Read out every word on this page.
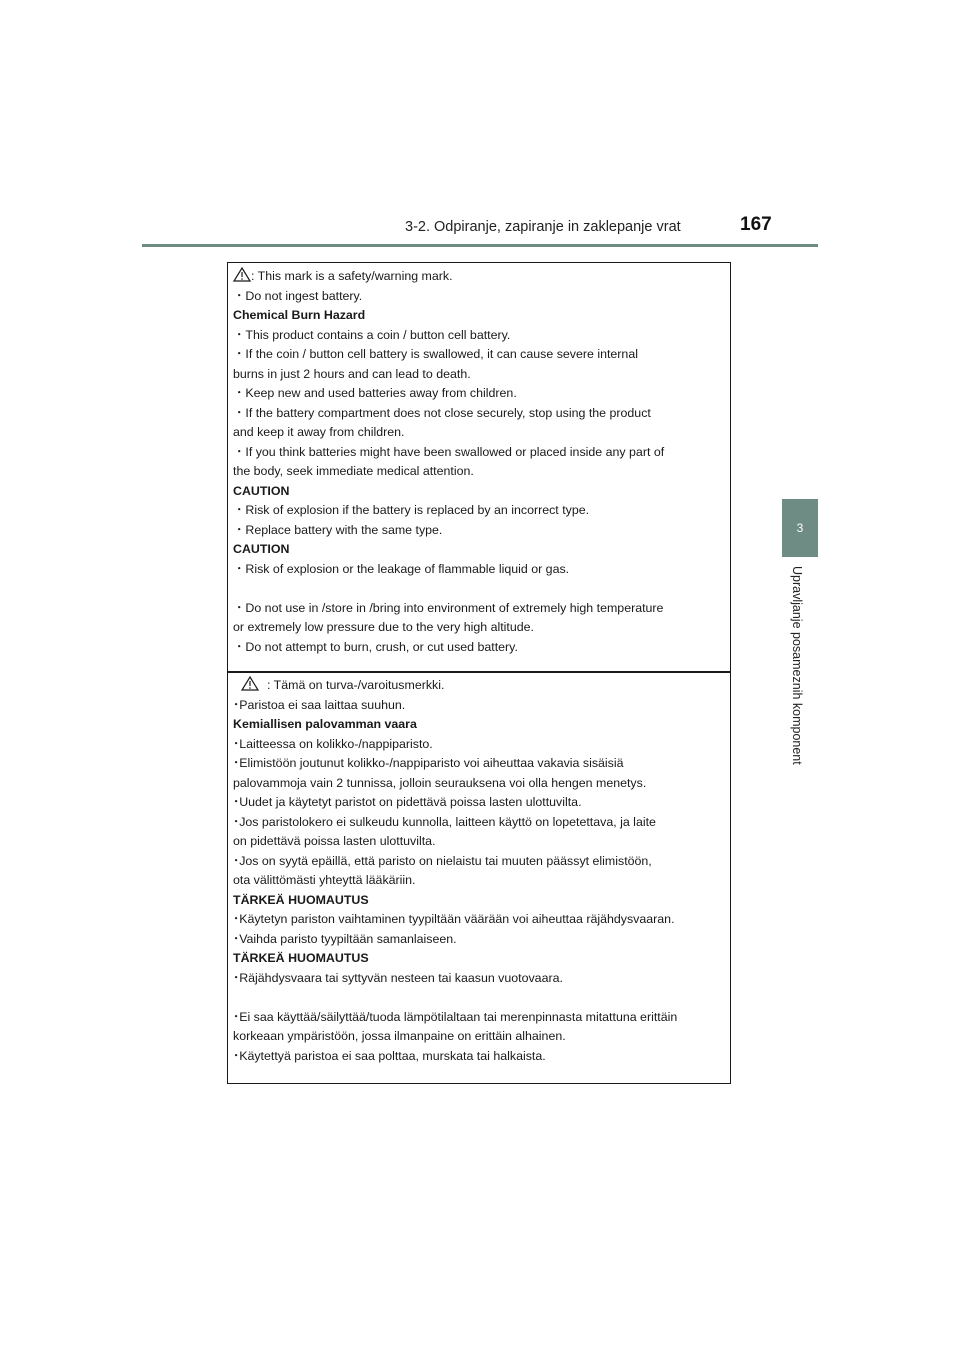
3-2. Odpiranje, zapiranje in zaklepanje vrat	167
3
Upravljanje posameznih komponent
: This mark is a safety/warning mark.
・Do not ingest battery.
Chemical Burn Hazard
・This product contains a coin / button cell battery.
・If the coin / button cell battery is swallowed, it can cause severe internal
burns in just 2 hours and can lead to death.
・Keep new and used batteries away from children.
・If the battery compartment does not close securely, stop using the product
and keep it away from children.
・If you think batteries might have been swallowed or placed inside any part of
the body, seek immediate medical attention.
CAUTION
・Risk of explosion if the battery is replaced by an incorrect type.
・Replace battery with the same type.
CAUTION
・Risk of explosion or the leakage of flammable liquid or gas.
・Do not use in /store in /bring into environment of extremely high temperature
or extremely low pressure due to the very high altitude.
・Do not attempt to burn, crush, or cut used battery.
: Tämä on turva-/varoitusmerkki.
･Paristoa ei saa laittaa suuhun.
Kemiallisen palovamman vaara
･Laitteessa on kolikko-/nappiparisto.
･Elimistöön joutunut kolikko-/nappiparisto voi aiheuttaa vakavia sisäisiä
palovammoja vain 2 tunnissa, jolloin seurauksena voi olla hengen menetys.
･Uudet ja käytetyt paristot on pidettävä poissa lasten ulottuvilta.
･Jos paristolokero ei sulkeudu kunnolla, laitteen käyttö on lopetettava, ja laite
on pidettävä poissa lasten ulottuvilta.
･Jos on syytä epäillä, että paristo on nielaistu tai muuten päässyt elimistöön,
ota välittömästi yhteyttä lääkäriin.
TÄRKEÄ HUOMAUTUS
･Käytetyn pariston vaihtaminen tyypiltään väärään voi aiheuttaa räjähdysvaaran.
･Vaihda paristo tyypiltään samanlaiseen.
TÄRKEÄ HUOMAUTUS
･Räjähdysvaara tai syttyvän nesteen tai kaasun vuotovaara.
･Ei saa käyttää/säilyttää/tuoda lämpötilaltaan tai merenpinnasta mitattuna erittäin
korkeaan ympäristöön, jossa ilmanpaine on erittäin alhainen.
･Käytettyä paristoa ei saa polttaa, murskata tai halkaista.
